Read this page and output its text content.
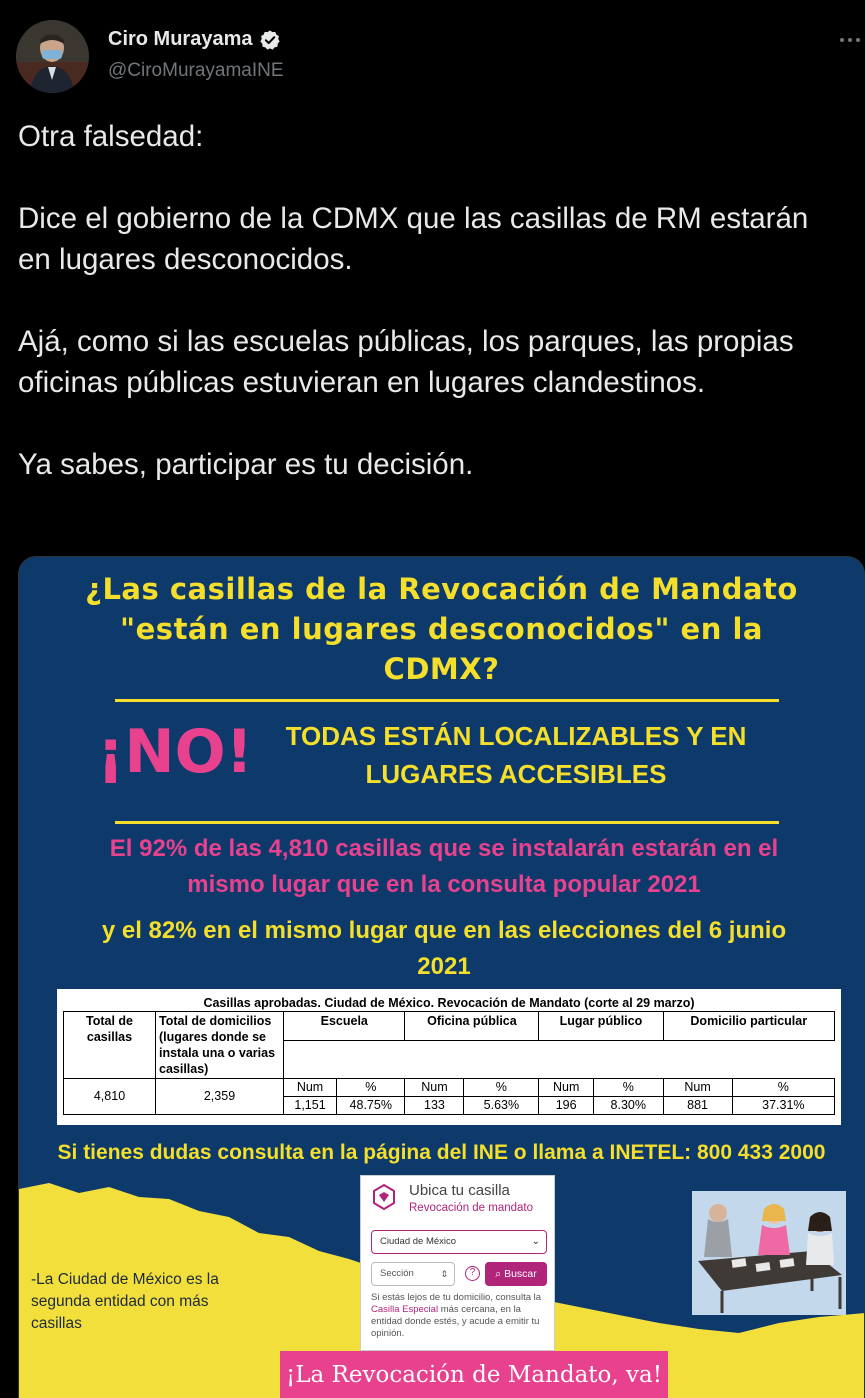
Ciro Murayama
@CiroMurayamaINE

Otra falsedad:

Dice el gobierno de la CDMX que las casillas de RM estarán en lugares desconocidos.

Ajá, como si las escuelas públicas, los parques, las propias oficinas públicas estuvieran en lugares clandestinos.

Ya sabes, participar es tu decisión.

¿Las casillas de la Revocación de Mandato
"están en lugares desconocidos" en la
CDMX?
¡NO!	TODAS ESTÁN LOCALIZABLES Y EN
LUGARES ACCESIBLES
El 92% de las 4,810 casillas que se instalarán estarán en el
mismo lugar que en la consulta popular 2021
y el 82% en el mismo lugar que en las elecciones del 6 junio
2021
Casillas aprobadas. Ciudad de México. Revocación de Mandato (corte al 29 marzo)
Total de casillas	Total de domicilios (lugares donde se instala una o varias casillas)	Escuela		Oficina pública		Lugar público		Domicilio particular	

4,810	2,359	Num	%	Num	%	Num	%	Num	%
		1,151	48.75%	133	5.63%	196	8.30%	881	37.31%
Si tienes dudas consulta en la página del INE o llama a INETEL: 800 433 2000
-La Ciudad de México es la segunda entidad con más casillas
Ubica tu casilla
Revocación de mandato
Ciudad de México	⌄
Sección	⇕	?	⌕ Buscar
Si estás lejos de tu domicilio, consulta la Casilla Especial más cercana, en la entidad donde estés, y acude a emitir tu opinión.
¡La Revocación de Mandato, va!
